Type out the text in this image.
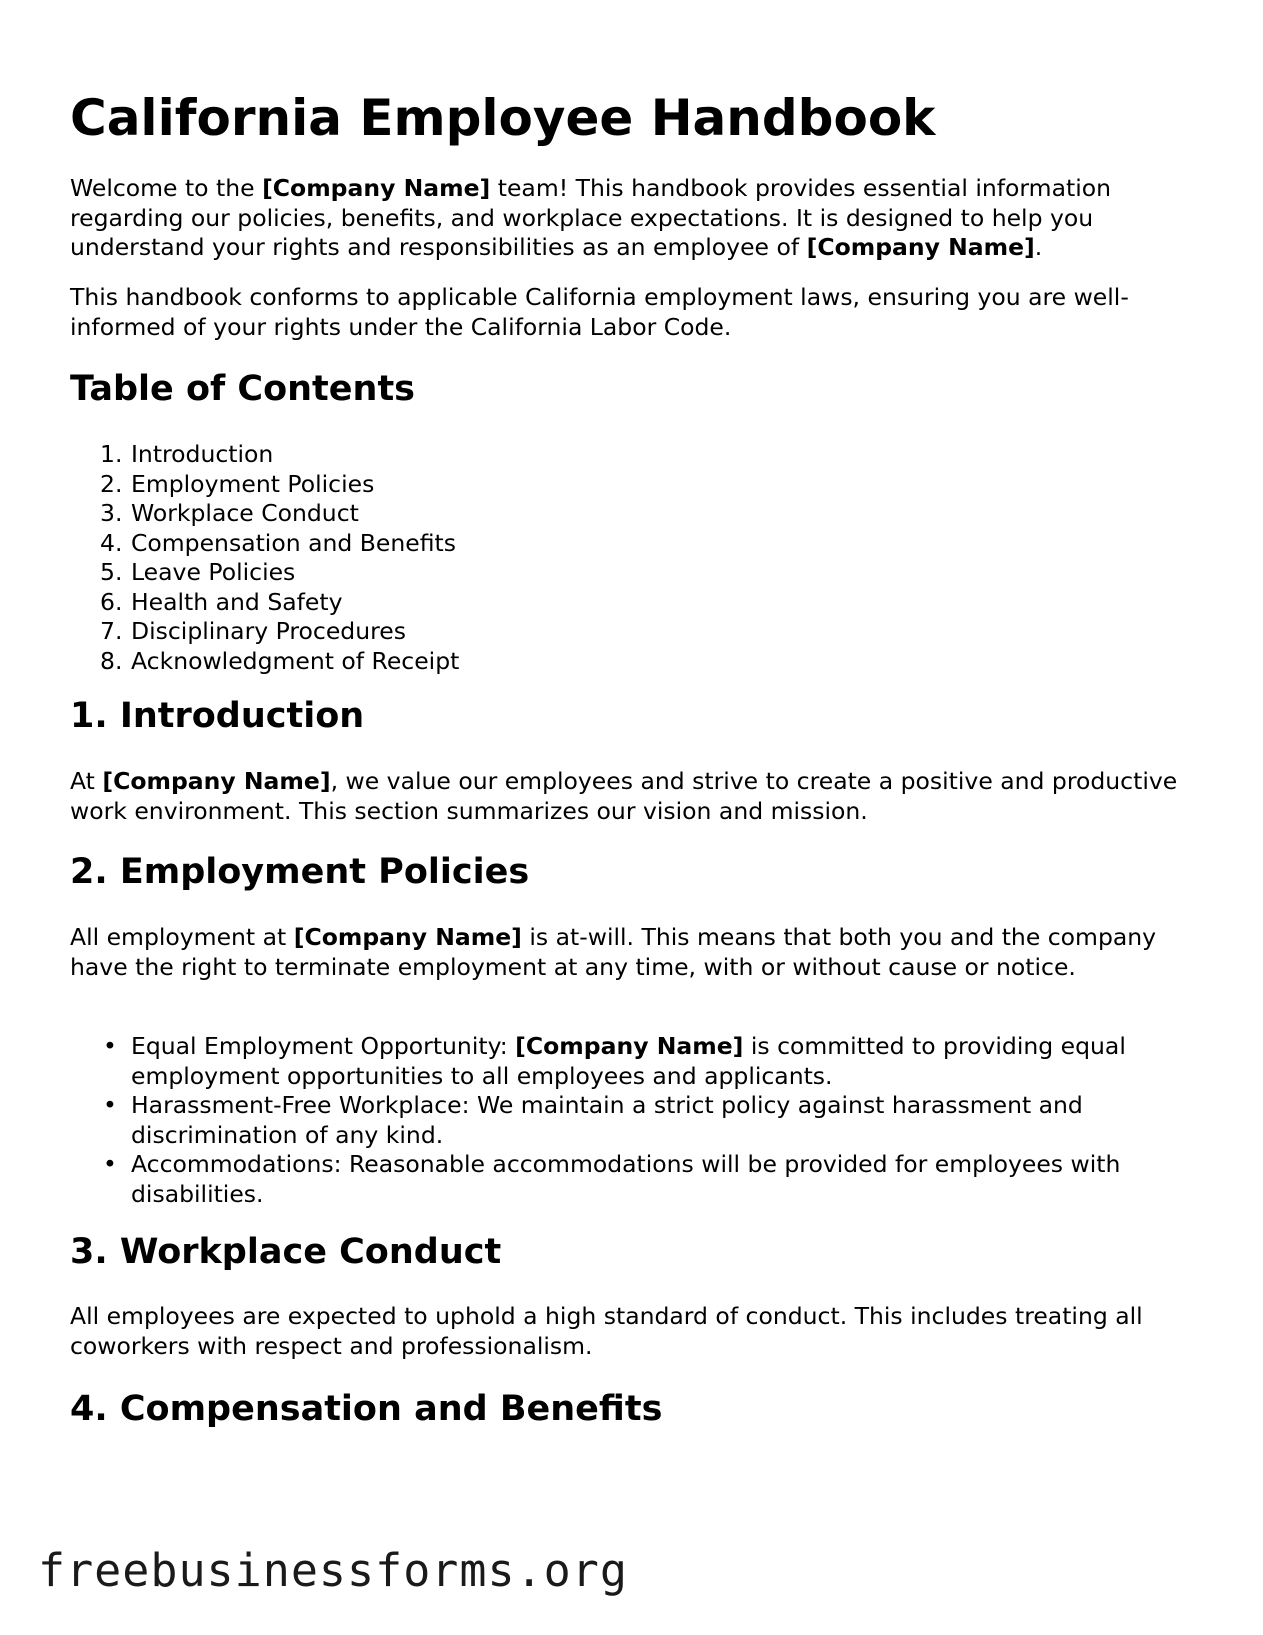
California Employee Handbook

Welcome to the [Company Name] team! This handbook provides essential information regarding our policies, benefits, and workplace expectations. It is designed to help you understand your rights and responsibilities as an employee of [Company Name].

This handbook conforms to applicable California employment laws, ensuring you are well-informed of your rights under the California Labor Code.

Table of Contents
1. Introduction
2. Employment Policies
3. Workplace Conduct
4. Compensation and Benefits
5. Leave Policies
6. Health and Safety
7. Disciplinary Procedures
8. Acknowledgment of Receipt
1. Introduction

At [Company Name], we value our employees and strive to create a positive and productive work environment. This section summarizes our vision and mission.

2. Employment Policies

All employment at [Company Name] is at-will. This means that both you and the company have the right to terminate employment at any time, with or without cause or notice.

• Equal Employment Opportunity: [Company Name] is committed to providing equal employment opportunities to all employees and applicants.
• Harassment-Free Workplace: We maintain a strict policy against harassment and discrimination of any kind.
• Accommodations: Reasonable accommodations will be provided for employees with disabilities.
3. Workplace Conduct

All employees are expected to uphold a high standard of conduct. This includes treating all coworkers with respect and professionalism.

4. Compensation and Benefits
freebusinessforms.org
